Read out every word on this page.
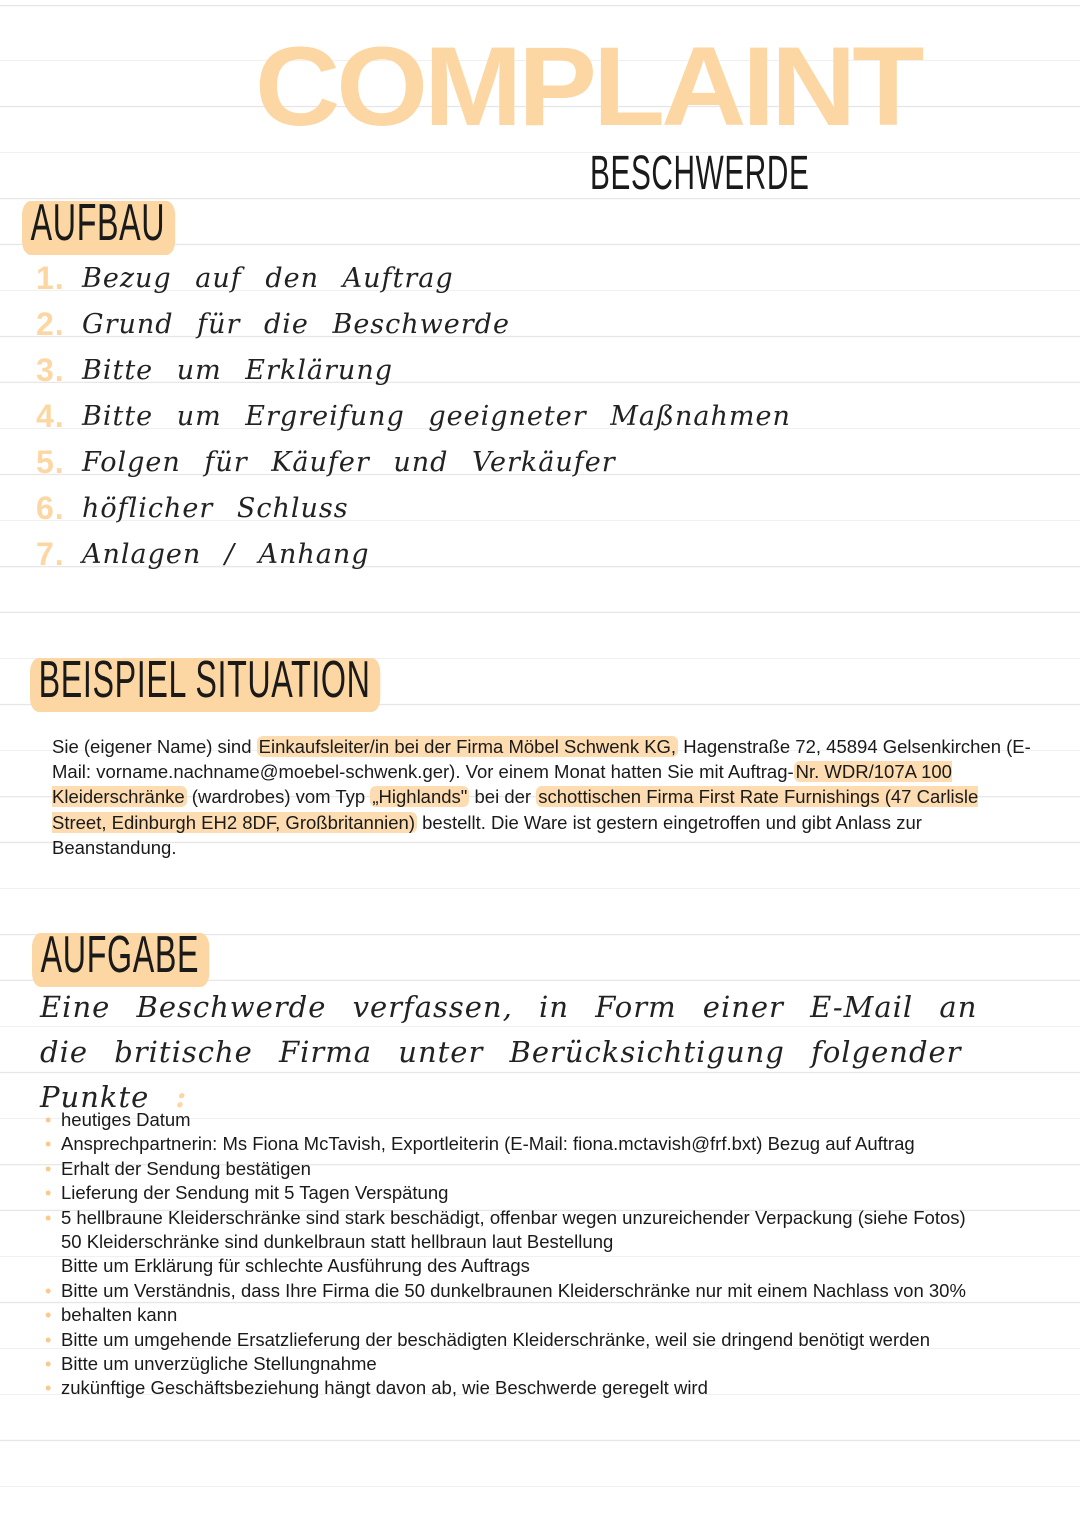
COMPLAINT
BESCHWERDE
AUFBAU
1. Bezug auf den Auftrag
2. Grund für die Beschwerde
3. Bitte um Erklärung
4. Bitte um Ergreifung geeigneter Maßnahmen
5. Folgen für Käufer und Verkäufer
6. höflicher Schluss
7. Anlagen / Anhang
BEISPIEL SITUATION

Sie (eigener Name) sind Einkaufsleiter/in bei der Firma Möbel Schwenk KG, Hagenstraße 72, 45894 Gelsenkirchen (E-Mail: vorname.nachname@moebel-schwenk.ger). Vor einem Monat hatten Sie mit Auftrag- Nr. WDR/107A 100 Kleiderschränke (wardrobes) vom Typ „Highlands" bei der schottischen Firma First Rate Furnishings (47 Carlisle Street, Edinburgh EH2 8DF, Großbritannien) bestellt. Die Ware ist gestern eingetroffen und gibt Anlass zur Beanstandung.

AUFGABE

Eine Beschwerde verfassen, in Form einer E-Mail an die britische Firma unter Berücksichtigung folgender Punkte :

• heutiges Datum
• Ansprechpartnerin: Ms Fiona McTavish, Exportleiterin (E-Mail: fiona.mctavish@frf.bxt) Bezug auf Auftrag
• Erhalt der Sendung bestätigen
• Lieferung der Sendung mit 5 Tagen Verspätung
• 5 hellbraune Kleiderschränke sind stark beschädigt, offenbar wegen unzureichender Verpackung (siehe Fotos)
50 Kleiderschränke sind dunkelbraun statt hellbraun laut Bestellung
Bitte um Erklärung für schlechte Ausführung des Auftrags
• Bitte um Verständnis, dass Ihre Firma die 50 dunkelbraunen Kleiderschränke nur mit einem Nachlass von 30%
• behalten kann
• Bitte um umgehende Ersatzlieferung der beschädigten Kleiderschränke, weil sie dringend benötigt werden
• Bitte um unverzügliche Stellungnahme
• zukünftige Geschäftsbeziehung hängt davon ab, wie Beschwerde geregelt wird
